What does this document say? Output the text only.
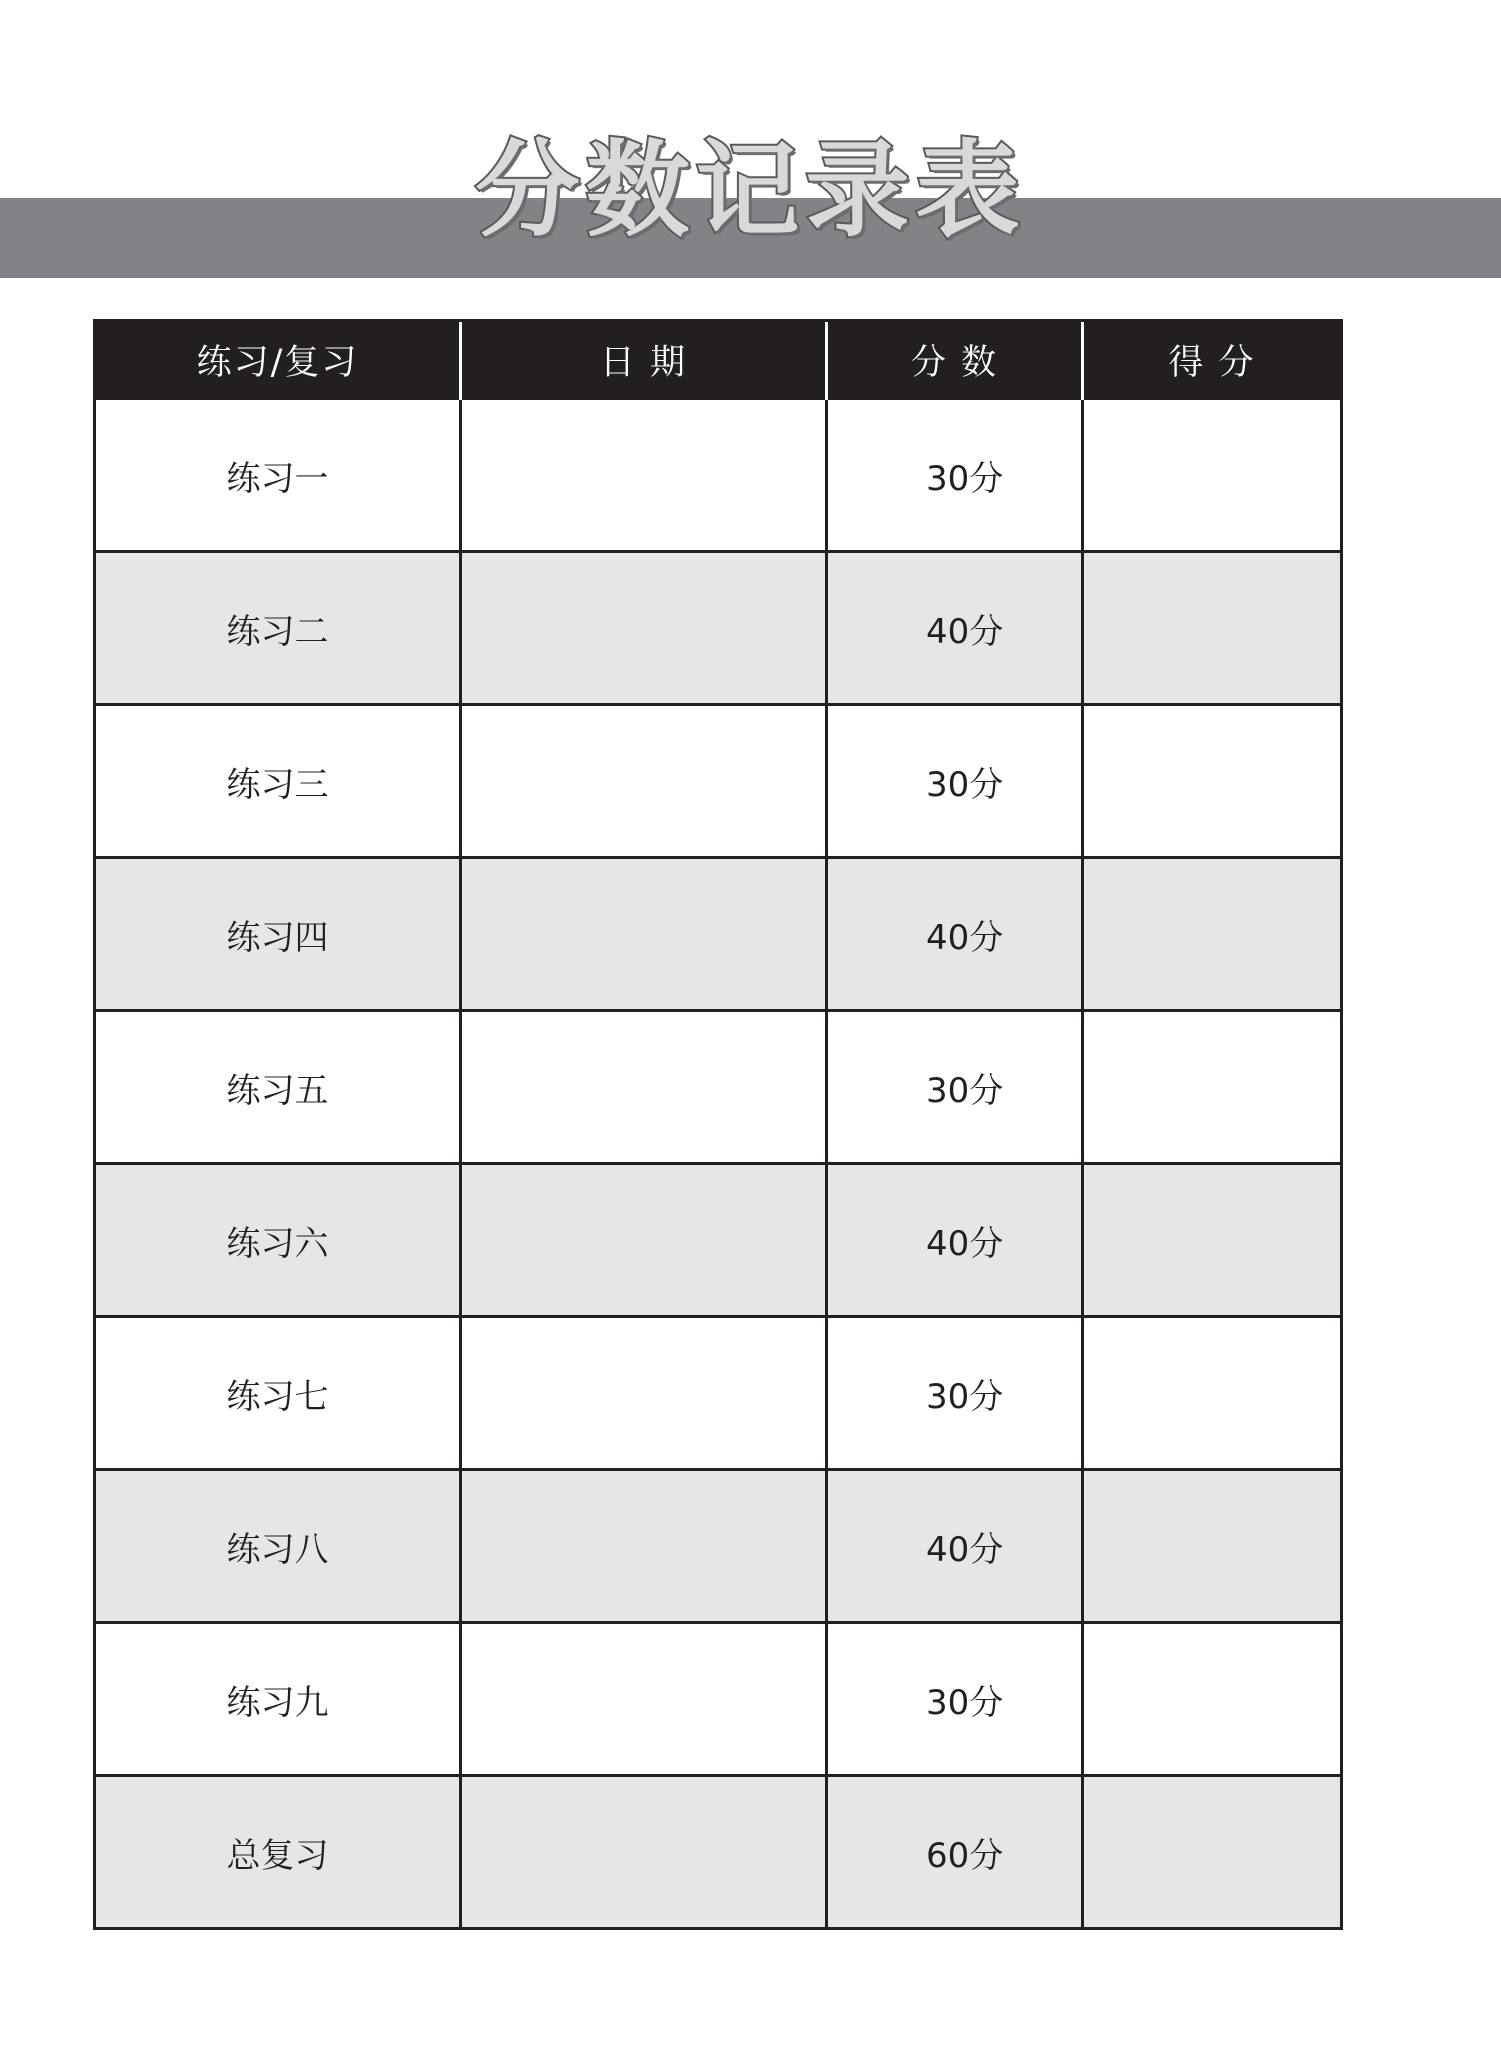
分数记录表
练习/复习	日 期	分 数	得 分
练习一		30分	
练习二		40分	
练习三		30分	
练习四		40分	
练习五		30分	
练习六		40分	
练习七		30分	
练习八		40分	
练习九		30分	
总复习		60分	
